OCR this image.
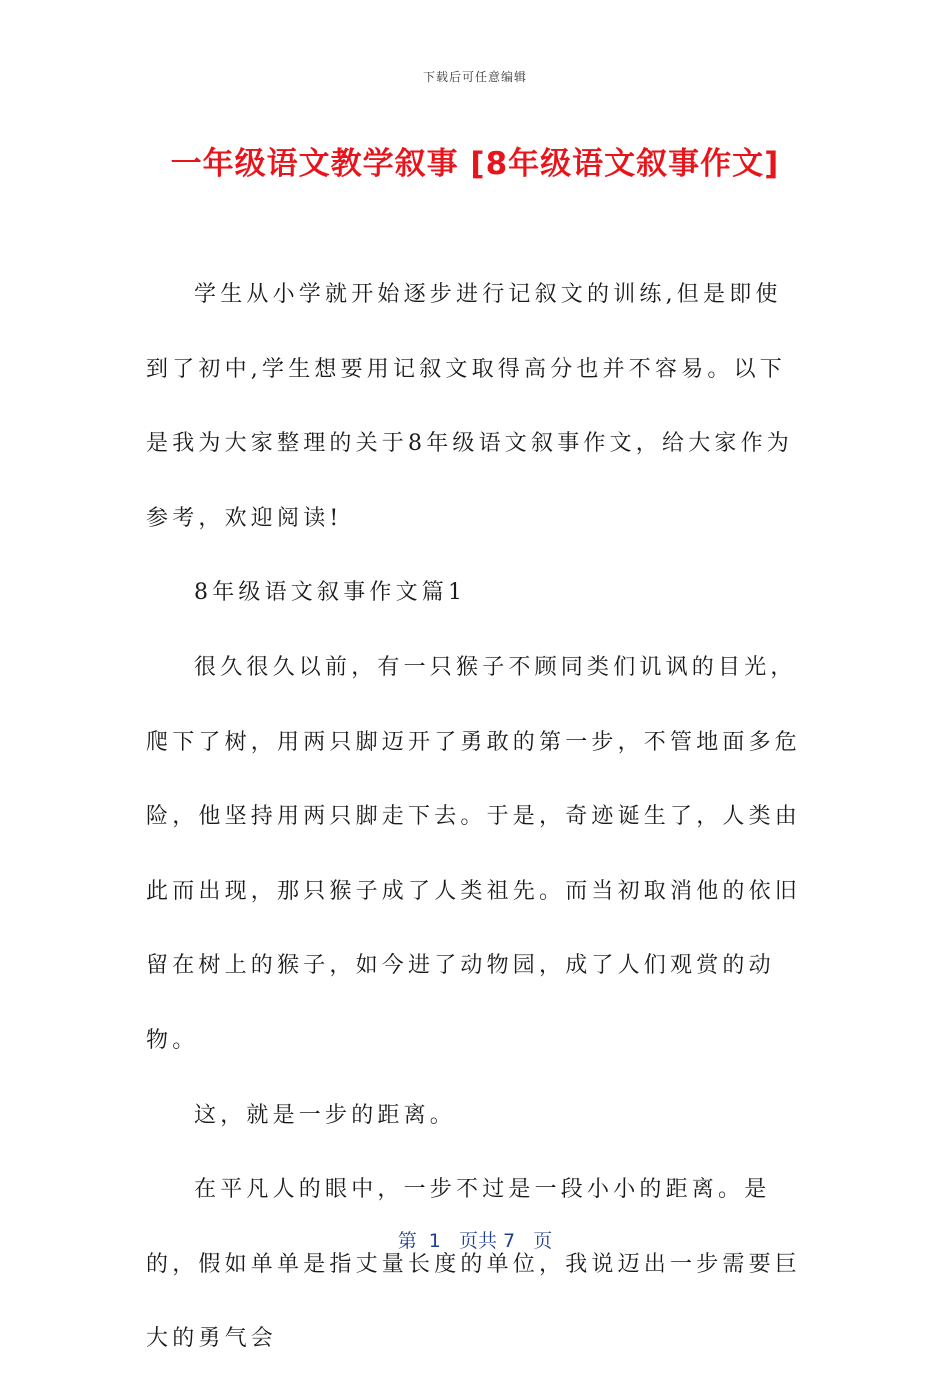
下载后可任意编辑
一年级语文教学叙事 [8年级语文叙事作文]

学生从小学就开始逐步进行记叙文的训练,但是即使到了初中,学生想要用记叙文取得高分也并不容易。以下是我为大家整理的关于8年级语文叙事作文，给大家作为参考，欢迎阅读!

8年级语文叙事作文篇1

很久很久以前，有一只猴子不顾同类们讥讽的目光，爬下了树，用两只脚迈开了勇敢的第一步，不管地面多危险，他坚持用两只脚走下去。于是，奇迹诞生了，人类由此而出现，那只猴子成了人类祖先。而当初取消他的依旧留在树上的猴子，如今进了动物园，成了人们观赏的动物。

这，就是一步的距离。

在平凡人的眼中，一步不过是一段小小的距离。是的，假如单单是指丈量长度的单位，我说迈出一步需要巨大的勇气会

第  1   页共 7   页
